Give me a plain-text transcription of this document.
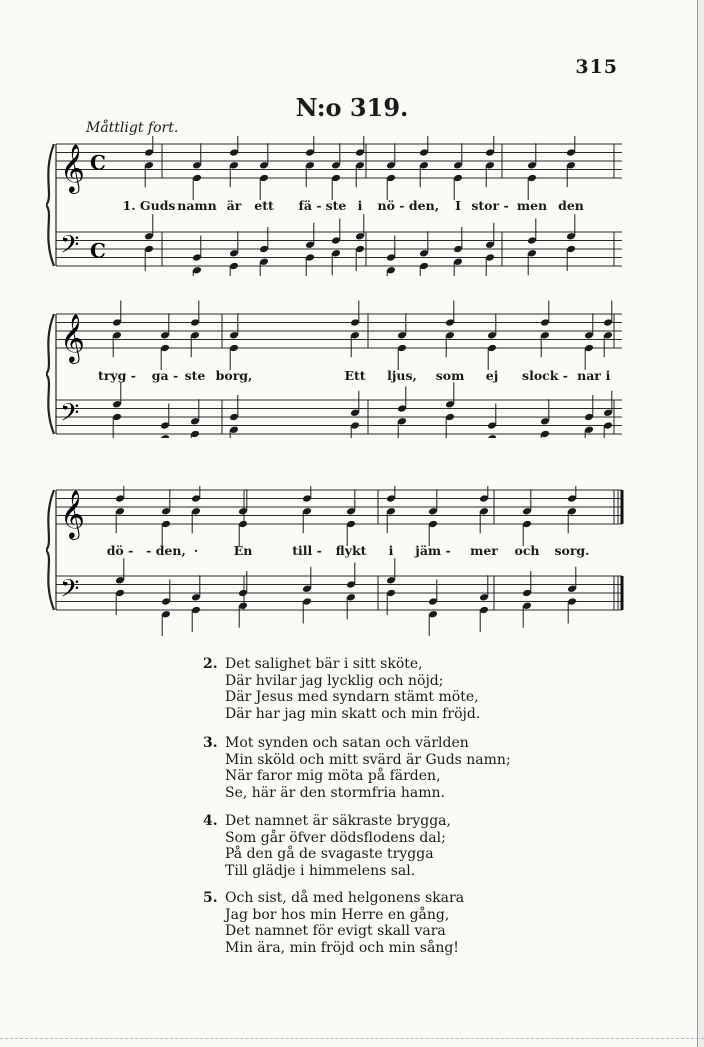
315
N:o 319.
Måttligt fort.
𝄞
𝄢
C
C
1. Guds namn är ett fä - ste i nö - den, I stor - men den
𝄞
𝄢
tryg - ga - ste borg,	Ett ljus, som ej slock - nar i
𝄞
𝄢
dö - - den, ·	En	till - flykt i jäm - mer och sorg.
2. Det salighet bär i sitt sköte,
Där hvilar jag lycklig och nöjd;
Där Jesus med syndarn stämt möte,
Där har jag min skatt och min fröjd.
3. Mot synden och satan och världen
Min sköld och mitt svärd är Guds namn;
När faror mig möta på färden,
Se, här är den stormfria hamn.
4. Det namnet är säkraste brygga,
Som går öfver dödsflodens dal;
På den gå de svagaste trygga
Till glädje i himmelens sal.
5. Och sist, då med helgonens skara
Jag bor hos min Herre en gång,
Det namnet för evigt skall vara
Min ära, min fröjd och min sång!
